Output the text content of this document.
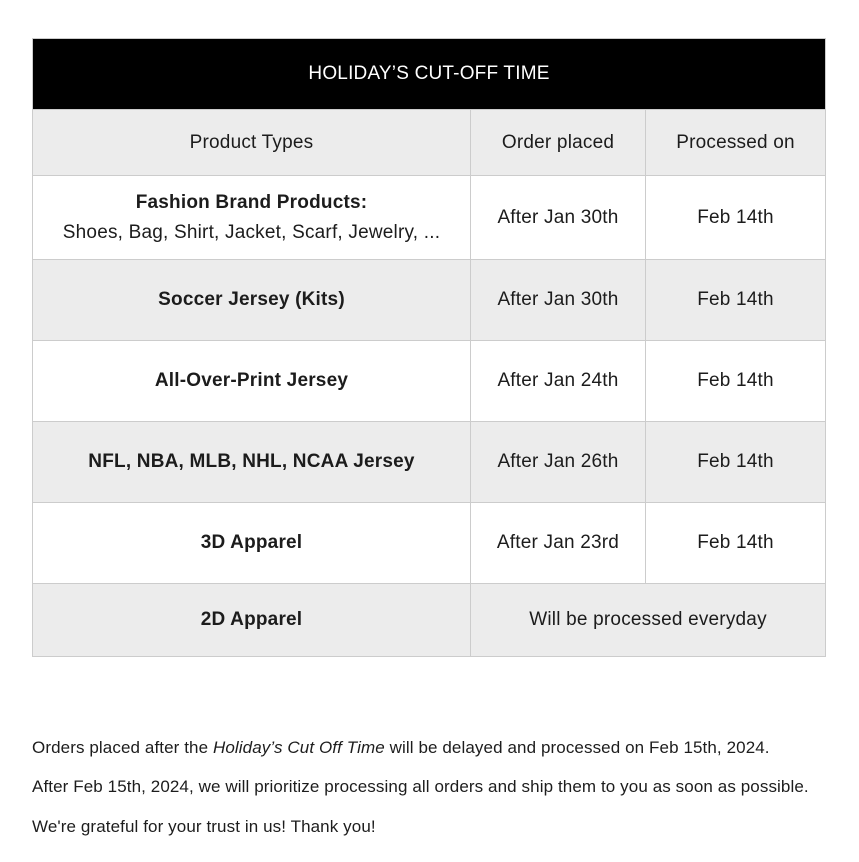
HOLIDAY’S CUT-OFF TIME		
Product Types	Order placed	Processed on

Fashion Brand Products:
Shoes, Bag, Shirt, Jacket, Scarf, Jewelry, ...	After Jan 30th	Feb 14th

Soccer Jersey (Kits)	After Jan 30th	Feb 14th

All-Over-Print Jersey	After Jan 24th	Feb 14th

NFL, NBA, MLB, NHL, NCAA Jersey	After Jan 26th	Feb 14th

3D Apparel	After Jan 23rd	Feb 14th

2D Apparel	Will be processed everyday	

Orders placed after the Holiday’s Cut Off Time will be delayed and processed on Feb 15th, 2024.

After Feb 15th, 2024, we will prioritize processing all orders and ship them to you as soon as possible.

We're grateful for your trust in us! Thank you!
